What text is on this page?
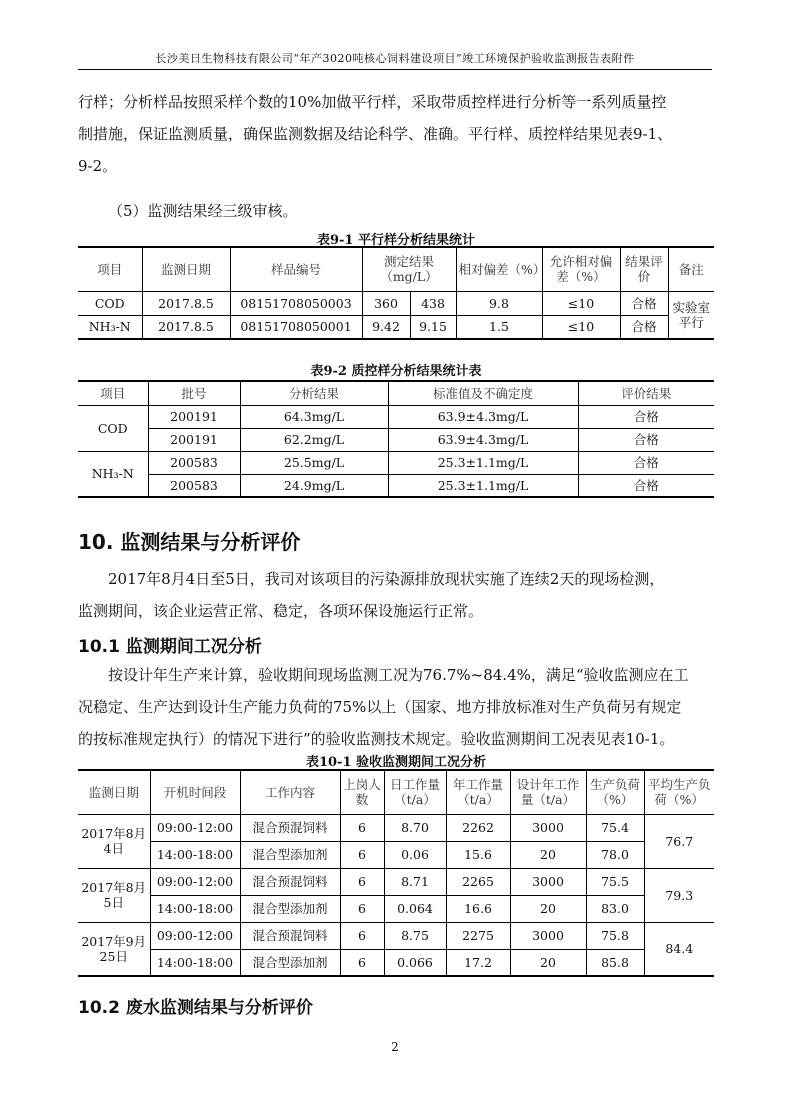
长沙美日生物科技有限公司“年产3020吨核心饲料建设项目”竣工环境保护验收监测报告表附件

行样；分析样品按照采样个数的10%加做平行样，采取带质控样进行分析等一系列质量控

制措施，保证监测质量，确保监测数据及结论科学、准确。平行样、质控样结果见表9-1、

9-2。

（5）监测结果经三级审核。

表9-1 平行样分析结果统计
项目	监测日期	样品编号	测定结果（mg/L）		相对偏差（%）	允许相对偏差（%）	结果评价	备注
COD	2017.8.5	08151708050003	360	438	9.8	≤10	合格	实验室平行
NH₃-N	2017.8.5	08151708050001	9.42	9.15	1.5	≤10	合格	
表9-2 质控样分析结果统计表
项目	批号	分析结果	标准值及不确定度	评价结果
COD	200191	64.3mg/L	63.9±4.3mg/L	合格
	200191	62.2mg/L	63.9±4.3mg/L	合格
NH₃-N	200583	25.5mg/L	25.3±1.1mg/L	合格
	200583	24.9mg/L	25.3±1.1mg/L	合格
10. 监测结果与分析评价

2017年8月4日至5日，我司对该项目的污染源排放现状实施了连续2天的现场检测，

监测期间，该企业运营正常、稳定，各项环保设施运行正常。

10.1 监测期间工况分析

按设计年生产来计算，验收期间现场监测工况为76.7%~84.4%，满足“验收监测应在工

况稳定、生产达到设计生产能力负荷的75%以上（国家、地方排放标准对生产负荷另有规定

的按标准规定执行）的情况下进行”的验收监测技术规定。验收监测期间工况表见表10-1。

表10-1 验收监测期间工况分析
监测日期	开机时间段	工作内容	上岗人数	日工作量（t/a）	年工作量（t/a）	设计年工作量（t/a）	生产负荷（%）	平均生产负荷（%）
2017年8月4日	09:00-12:00	混合预混饲料	6	8.70	2262	3000	75.4	76.7
	14:00-18:00	混合型添加剂	6	0.06	15.6	20	78.0	
2017年8月5日	09:00-12:00	混合预混饲料	6	8.71	2265	3000	75.5	79.3
	14:00-18:00	混合型添加剂	6	0.064	16.6	20	83.0	
2017年9月25日	09:00-12:00	混合预混饲料	6	8.75	2275	3000	75.8	84.4
	14:00-18:00	混合型添加剂	6	0.066	17.2	20	85.8	
10.2 废水监测结果与分析评价
2
